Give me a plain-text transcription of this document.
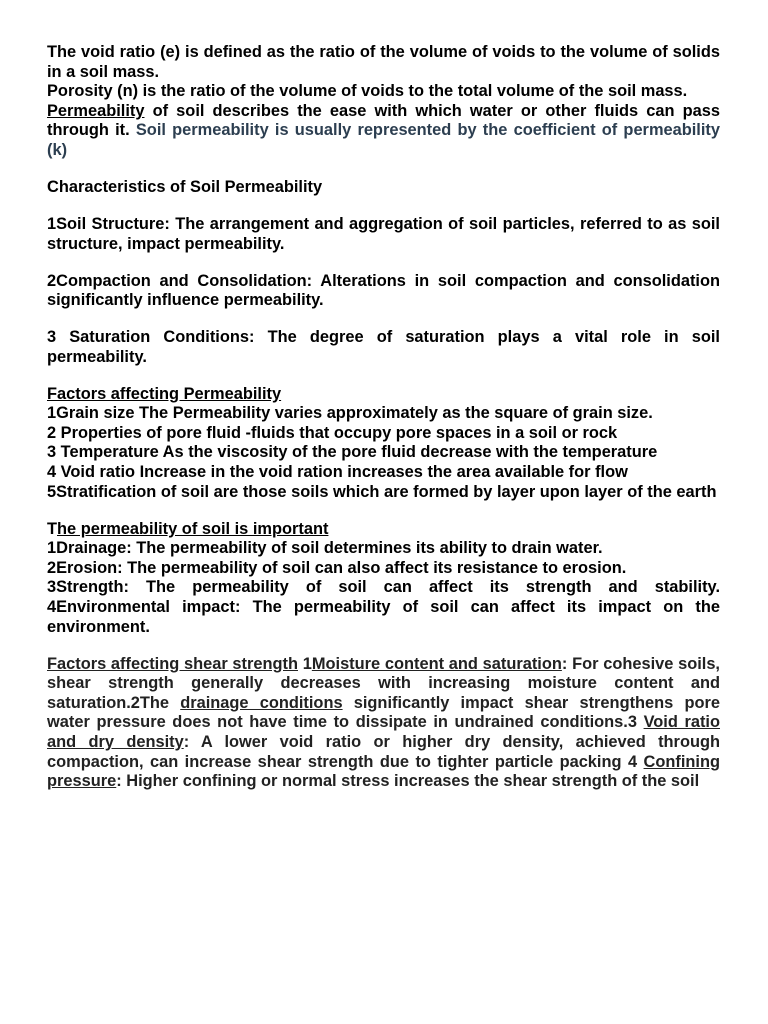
The void ratio (e) is defined as the ratio of the volume of voids to the volume of solids in a soil mass.

Porosity (n) is the ratio of the volume of voids to the total volume of the soil mass.

Permeability of soil describes the ease with which water or other fluids can pass through it. Soil permeability is usually represented by the coefficient of permeability (k)

Characteristics of Soil Permeability

1Soil Structure: The arrangement and aggregation of soil particles, referred to as soil structure, impact permeability.

2Compaction and Consolidation: Alterations in soil compaction and consolidation significantly influence permeability.

3 Saturation Conditions: The degree of saturation plays a vital role in soil permeability.

Factors affecting Permeability

1Grain size The Permeability varies approximately as the square of grain size.

2 Properties of pore fluid -fluids that occupy pore spaces in a soil or rock

3 Temperature As the viscosity of the pore fluid decrease with the temperature

4 Void ratio Increase in the void ration increases the area available for flow

5Stratification of soil are those soils which are formed by layer upon layer of the earth

The permeability of soil is important

1Drainage: The permeability of soil determines its ability to drain water.

2Erosion: The permeability of soil can also affect its resistance to erosion.

3Strength: The permeability of soil can affect its strength and stability. 4Environmental impact: The permeability of soil can affect its impact on the environment.

Factors affecting shear strength 1Moisture content and saturation: For cohesive soils, shear strength generally decreases with increasing moisture content and saturation.2The drainage conditions significantly impact shear strengthens pore water pressure does not have time to dissipate in undrained conditions.3 Void ratio and dry density: A lower void ratio or higher dry density, achieved through compaction, can increase shear strength due to tighter particle packing 4 Confining pressure: Higher confining or normal stress increases the shear strength of the soil
